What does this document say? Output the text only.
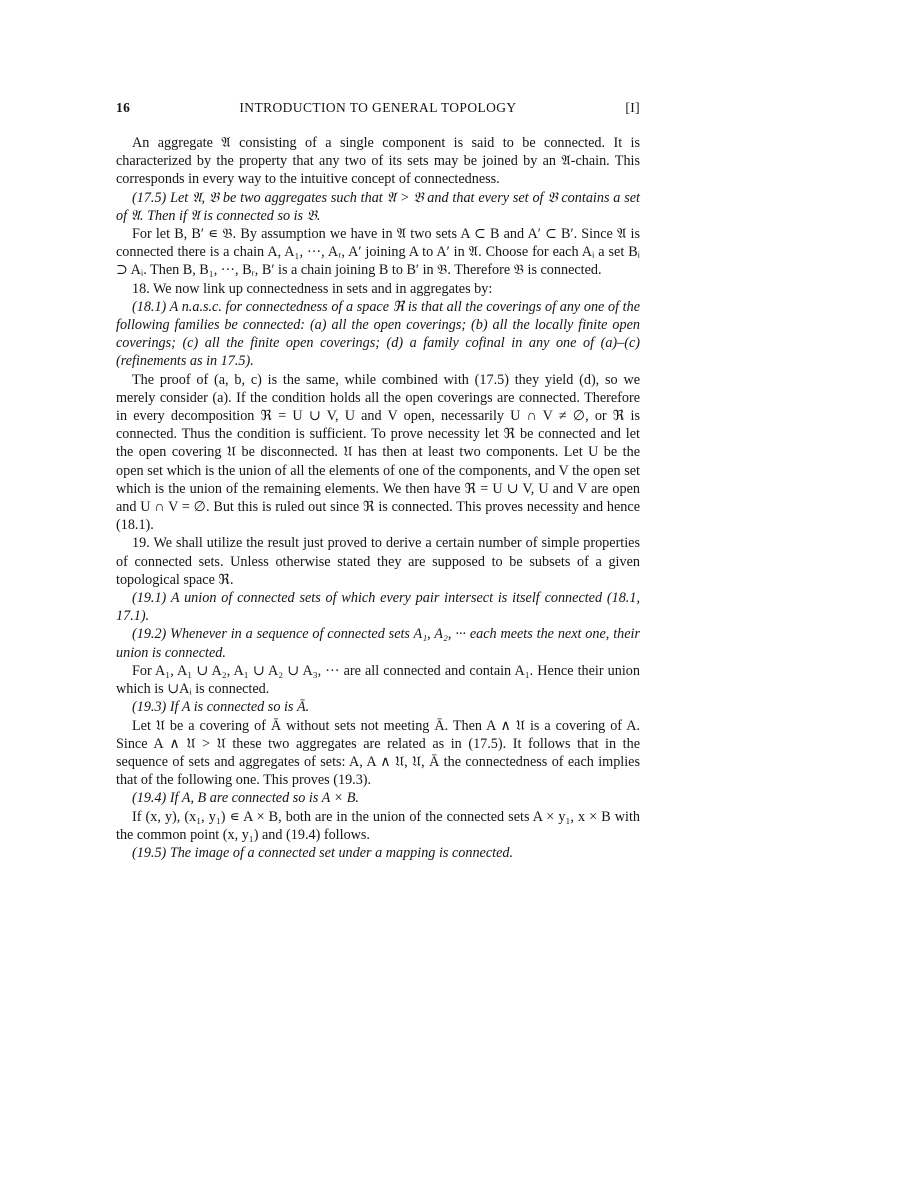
16	INTRODUCTION TO GENERAL TOPOLOGY	[I]

An aggregate 𝔄 consisting of a single component is said to be connected. It is characterized by the property that any two of its sets may be joined by an 𝔄-chain. This corresponds in every way to the intuitive concept of connectedness.

(17.5) Let 𝔄, 𝔅 be two aggregates such that 𝔄 > 𝔅 and that every set of 𝔅 contains a set of 𝔄. Then if 𝔄 is connected so is 𝔅.

For let B, B′ ∊ 𝔅. By assumption we have in 𝔄 two sets A ⊂ B and A′ ⊂ B′. Since 𝔄 is connected there is a chain A, A₁, ···, Aᵣ, A′ joining A to A′ in 𝔄. Choose for each Aᵢ a set Bᵢ ⊃ Aᵢ. Then B, B₁, ···, Bᵣ, B′ is a chain joining B to B′ in 𝔅. Therefore 𝔅 is connected.

18. We now link up connectedness in sets and in aggregates by:

(18.1) A n.a.s.c. for connectedness of a space ℜ is that all the coverings of any one of the following families be connected: (a) all the open coverings; (b) all the locally finite open coverings; (c) all the finite open coverings; (d) a family cofinal in any one of (a)–(c) (refinements as in 17.5).

The proof of (a, b, c) is the same, while combined with (17.5) they yield (d), so we merely consider (a). If the condition holds all the open coverings are connected. Therefore in every decomposition ℜ = U ∪ V, U and V open, necessarily U ∩ V ≠ ∅, or ℜ is connected. Thus the condition is sufficient. To prove necessity let ℜ be connected and let the open covering 𝔘 be disconnected. 𝔘 has then at least two components. Let U be the open set which is the union of all the elements of one of the components, and V the open set which is the union of the remaining elements. We then have ℜ = U ∪ V, U and V are open and U ∩ V = ∅. But this is ruled out since ℜ is connected. This proves necessity and hence (18.1).

19. We shall utilize the result just proved to derive a certain number of simple properties of connected sets. Unless otherwise stated they are supposed to be subsets of a given topological space ℜ.

(19.1) A union of connected sets of which every pair intersect is itself connected (18.1, 17.1).

(19.2) Whenever in a sequence of connected sets A₁, A₂, ··· each meets the next one, their union is connected.

For A₁, A₁ ∪ A₂, A₁ ∪ A₂ ∪ A₃, ··· are all connected and contain A₁. Hence their union which is ∪Aᵢ is connected.

(19.3) If A is connected so is Ā.

Let 𝔘 be a covering of Ā without sets not meeting Ā. Then A ∧ 𝔘 is a covering of A. Since A ∧ 𝔘 > 𝔘 these two aggregates are related as in (17.5). It follows that in the sequence of sets and aggregates of sets: A, A ∧ 𝔘, 𝔘, Ā the connectedness of each implies that of the following one. This proves (19.3).

(19.4) If A, B are connected so is A × B.

If (x, y), (x₁, y₁) ∊ A × B, both are in the union of the connected sets A × y₁, x × B with the common point (x, y₁) and (19.4) follows.

(19.5) The image of a connected set under a mapping is connected.
